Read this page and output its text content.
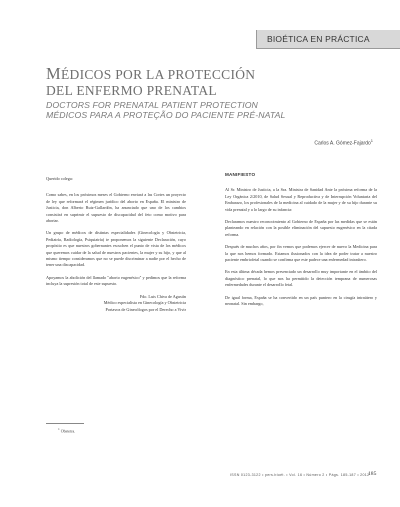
BIOÉTICA EN PRÁCTICA

MÉDICOS POR LA PROTECCIÓN
DEL ENFERMO PRENATAL

DOCTORS FOR PRENATAL PATIENT PROTECTION

MÉDICOS PARA A PROTEÇÃO DO PACIENTE PRÉ-NATAL

Carlos A. Gómez-Fajardo$^1$

Querido colega:

Como sabes, en los próximos meses el Gobierno enviará a las Cortes un proyecto de ley que reformará el régimen jurídico del aborto en España. El ministro de Justicia, don Alberto Ruiz-Gallardón, ha anunciado que uno de los cambios consistirá en suprimir el supuesto de discapacidad del feto como motivo para abortar.

Un grupo de médicos de distintas especialidades (Ginecología y Obstetricia, Pediatría, Radiología, Psiquiatría) te proponemos la siguiente Declaración, cuyo propósito es que nuestros gobernantes escuchen el punto de vista de los médicos que queremos cuidar de la salud de nuestros pacientes, la mujer y su hijo, y que al mismo tiempo consideramos que no se puede discriminar a nadie por el hecho de tener una discapacidad.

Apoyamos la abolición del llamado "aborto eugenésico" y pedimos que la reforma incluya la supresión total de este supuesto.

Fdo. Luis Chiva de Agustín
Médico especialista en Ginecología y Obstetricia
Portavoz de Ginecólogos por el Derecho a Vivir

MANIFIESTO

Al Sr. Ministro de Justicia, a la Sra. Ministra de Sanidad Ante la próxima reforma de la Ley Orgánica 2/2010, de Salud Sexual y Reproductiva y de Interrupción Voluntaria del Embarazo, los profesionales de la medicina al cuidado de la mujer y de su hijo durante su vida prenatal y a lo largo de su infancia:

Declaramos nuestro reconocimiento al Gobierno de España por las medidas que se están planteando en relación con la posible eliminación del supuesto eugenésico en la citada reforma.

Después de muchos años, por fin vemos que podemos ejercer de nuevo la Medicina para la que nos hemos formado. Estamos ilusionados con la idea de poder tratar a nuestro paciente embriofetal cuando se confirma que este padece una enfermedad intraútero.

En esta última década hemos presenciado un desarrollo muy importante en el ámbito del diagnóstico prenatal, lo que nos ha permitido la detección temprana de numerosas enfermedades durante el desarrollo fetal.

De igual forma, España se ha convertido en un país puntero en la cirugía intraútero y neonatal. Sin embargo,

$^1$ Obstetra.
ISSN 0123-3122 • pers.bioét. • Vol. 16 • Número 2 • Págs. 185-187 • 2012
185
